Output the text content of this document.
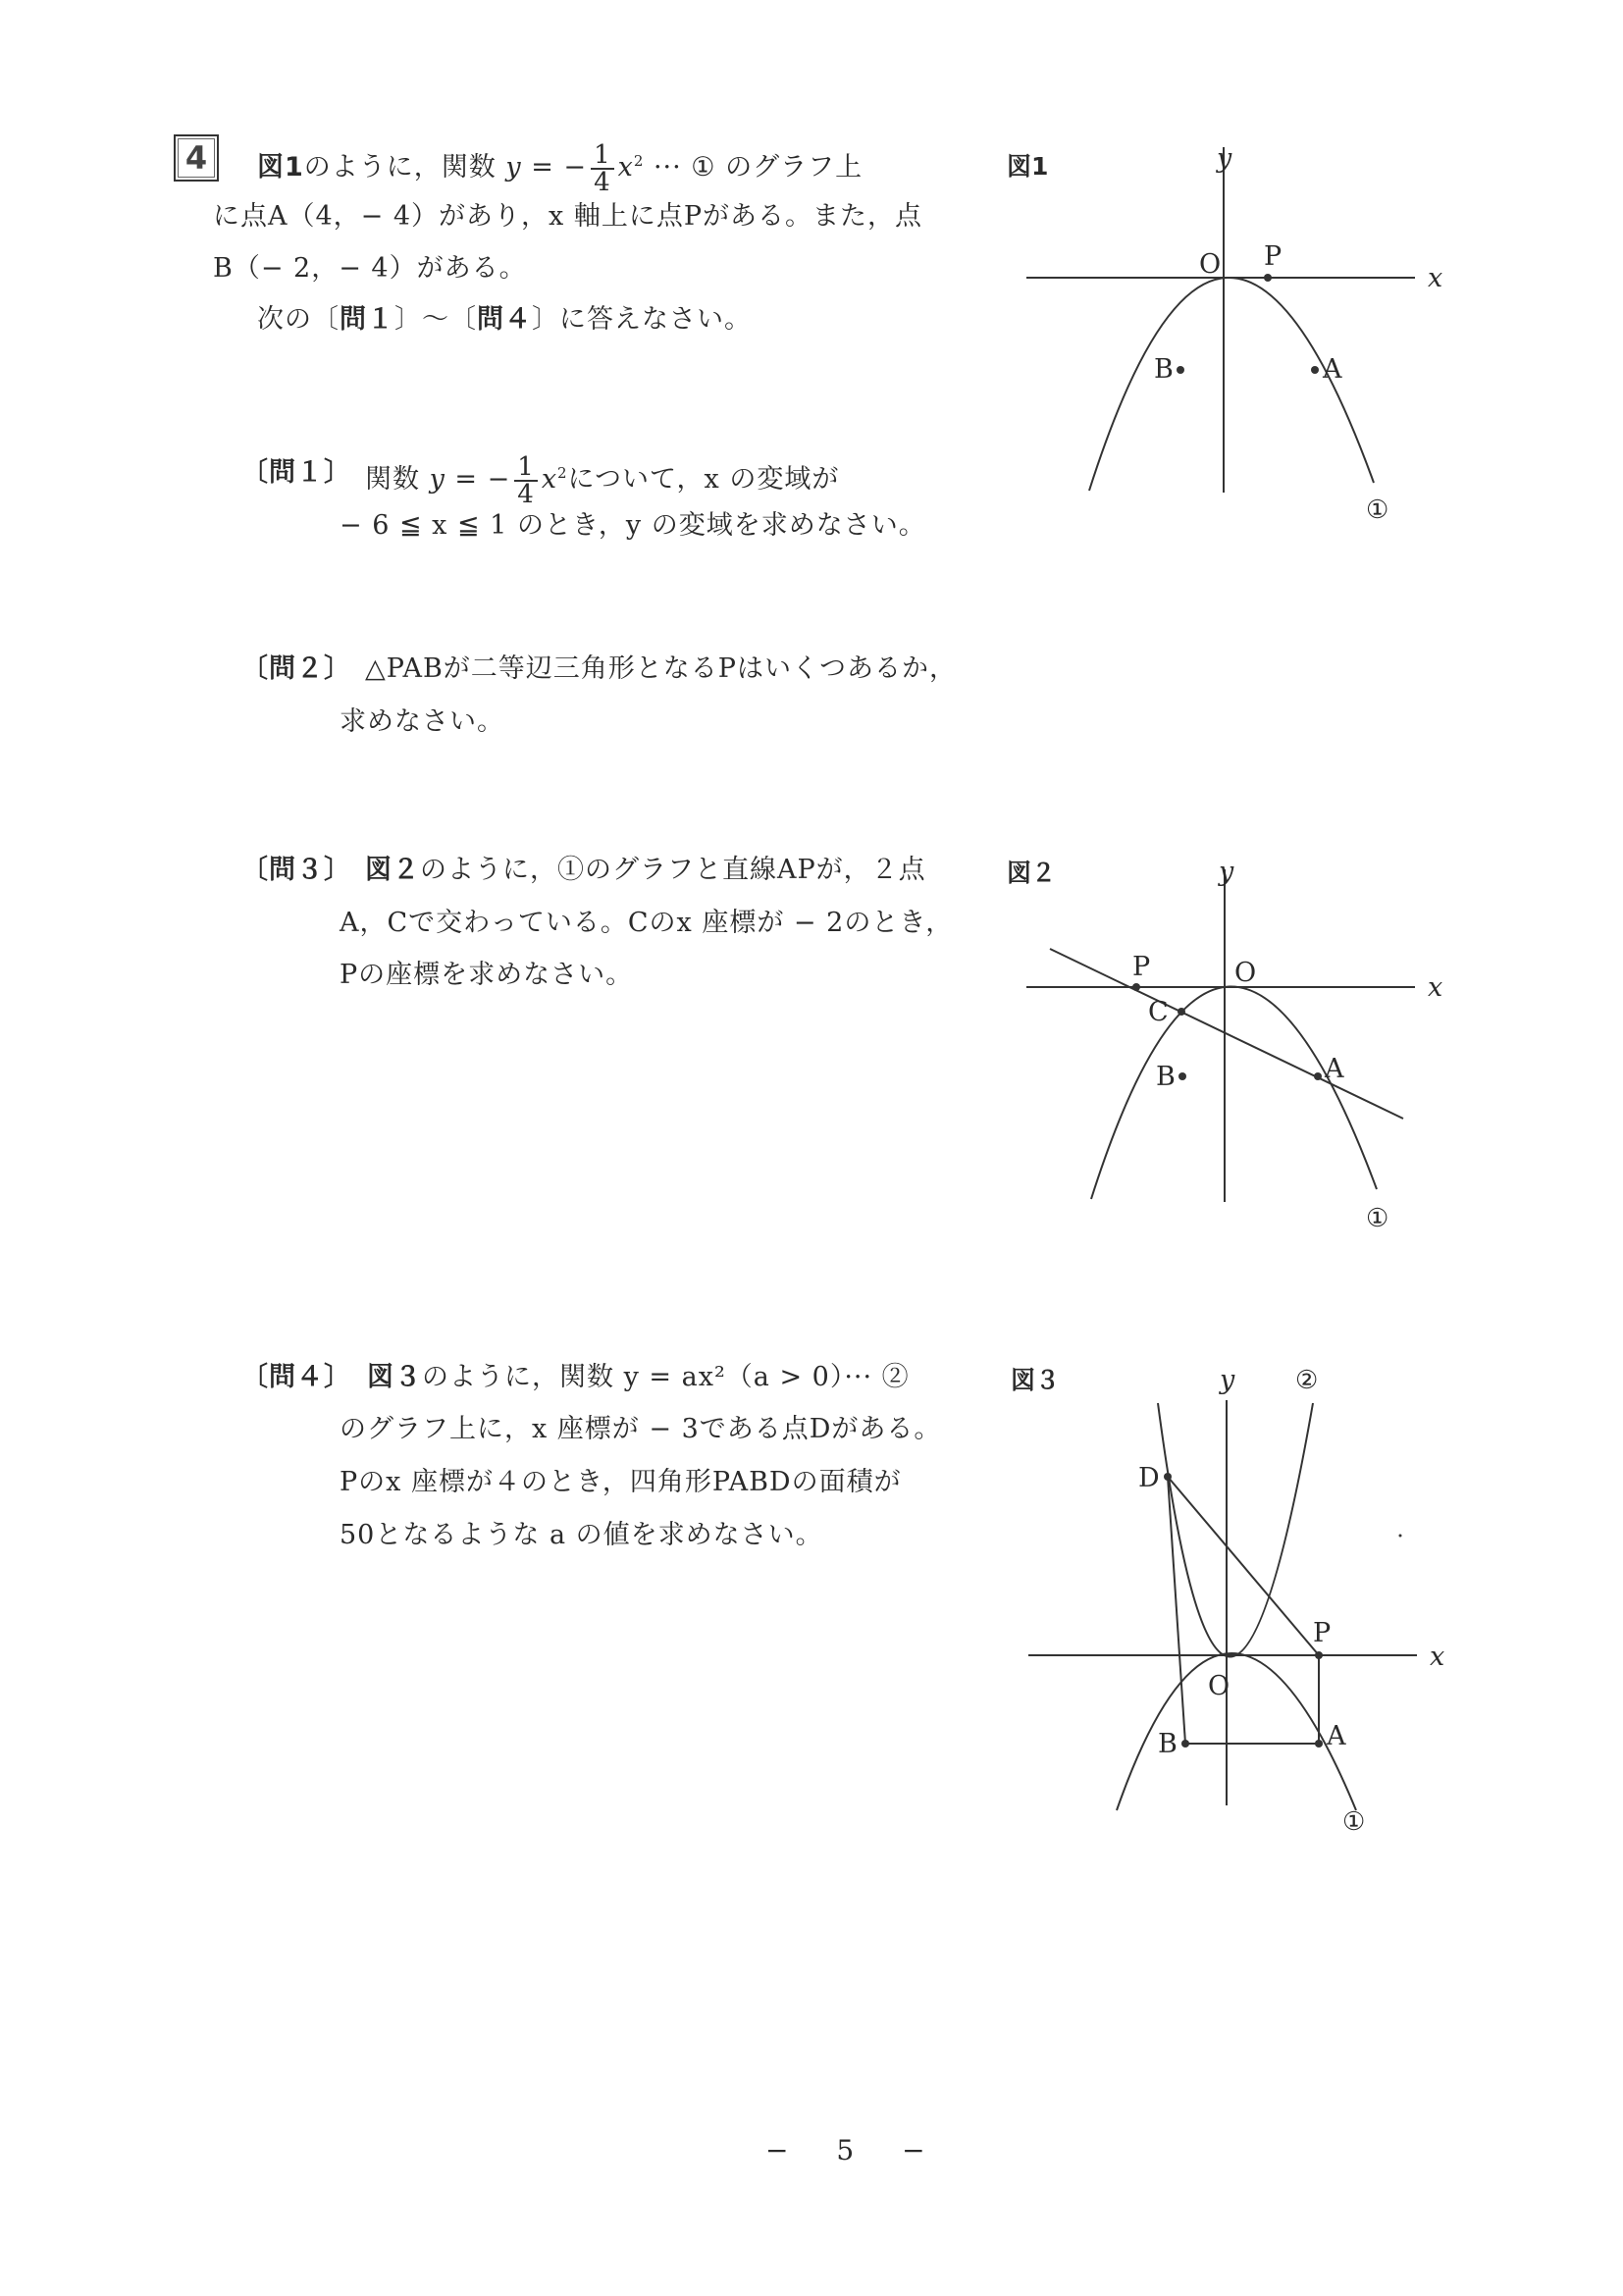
4	図1のように，関数 y = − $\frac{1}{4} x^2$ ··· ① のグラフ上
に点A（4，− 4）があり，x 軸上に点Pがある。また，点
B（− 2，− 4）がある。
次の〔問１〕～〔問４〕に答えなさい。
〔問１〕 関数 y = − $\frac{1}{4} x^2$について，x の変域が
− 6 ≦ x ≦ 1 のとき，y の変域を求めなさい。
〔問２〕 △PABが二等辺三角形となるPはいくつあるか，
求めなさい。
〔問３〕 図２のように，①のグラフと直線APが，２点
A，Cで交わっている。Cのx 座標が − 2のとき，
Pの座標を求めなさい。
〔問４〕 図３のように，関数 y = ax²（a > 0）··· ②
のグラフ上に，x 座標が − 3である点Dがある。
Pのx 座標が４のとき，四角形PABDの面積が
50となるような a の値を求めなさい。
図1	y
x
O P
A
B
①
図２	y
x
O
P
C
A
B
①
図３	y ②
x
O
D
P
A
B
①
− 5 −
